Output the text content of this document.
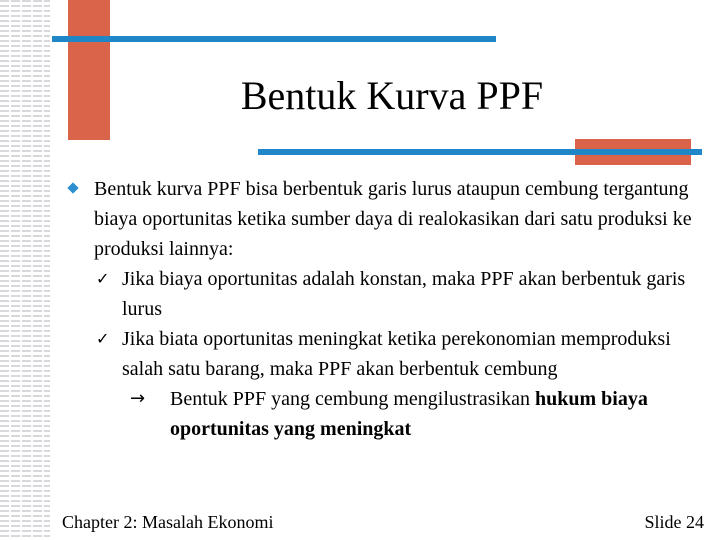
Bentuk Kurva PPF
Bentuk kurva PPF bisa berbentuk garis lurus ataupun cembung tergantung biaya oportunitas ketika sumber daya di realokasikan dari satu produksi ke produksi lainnya:
✓ Jika biaya oportunitas adalah konstan, maka PPF akan berbentuk garis lurus
✓ Jika biata oportunitas meningkat ketika perekonomian memproduksi salah satu barang, maka PPF akan berbentuk cembung
→	Bentuk PPF yang cembung mengilustrasikan hukum biaya oportunitas yang meningkat
Chapter 2: Masalah Ekonomi	Slide 24
